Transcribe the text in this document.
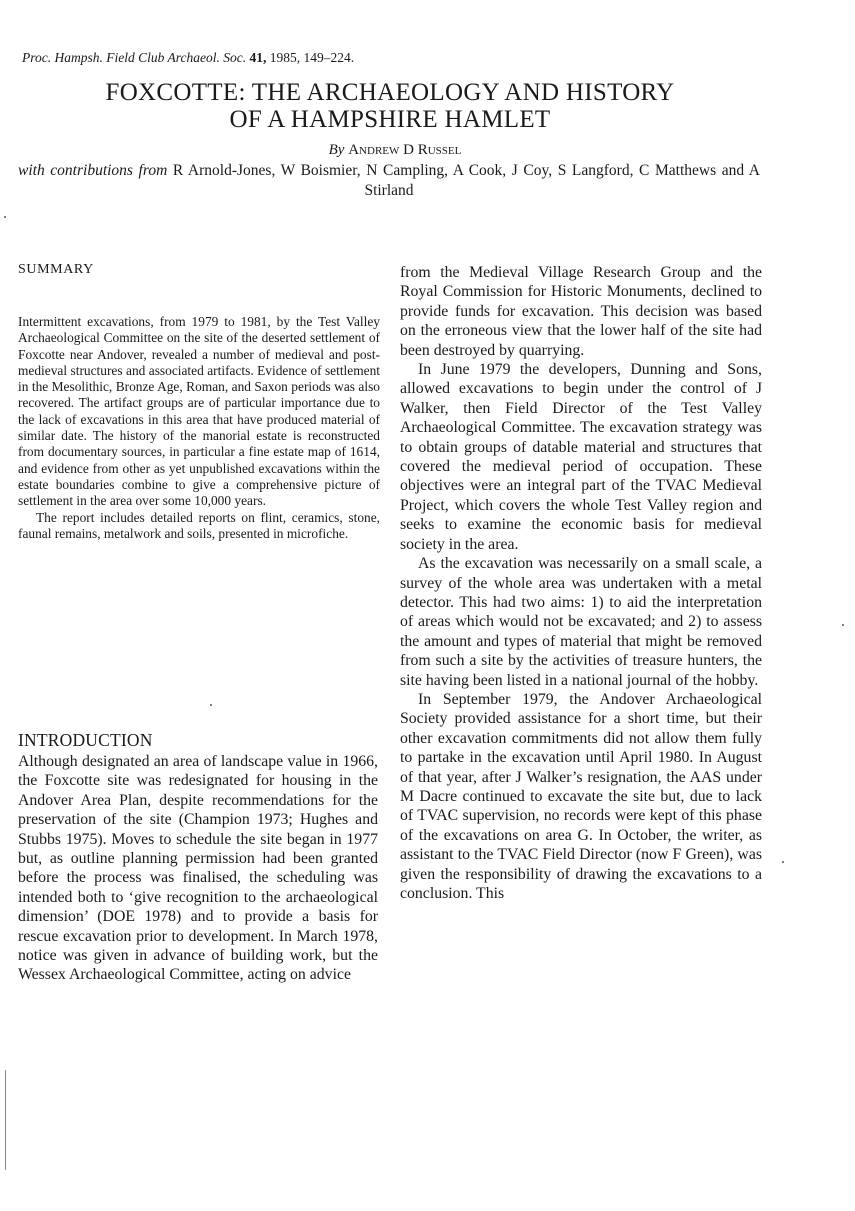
Proc. Hampsh. Field Club Archaeol. Soc. 41, 1985, 149–224.
FOXCOTTE: THE ARCHAEOLOGY AND HISTORY
OF A HAMPSHIRE HAMLET
By Andrew D Russel
with contributions from R Arnold-Jones, W Boismier, N Campling, A Cook, J Coy, S Langford, C Matthews and A Stirland
SUMMARY

Intermittent excavations, from 1979 to 1981, by the Test Valley Archaeological Committee on the site of the deserted settlement of Foxcotte near Andover, revealed a number of medieval and post-medieval structures and associated artifacts. Evidence of settlement in the Mesolithic, Bronze Age, Roman, and Saxon periods was also recovered. The artifact groups are of particular importance due to the lack of excavations in this area that have produced material of similar date. The history of the manorial estate is reconstructed from documentary sources, in particular a fine estate map of 1614, and evidence from other as yet unpublished excavations within the estate boundaries combine to give a comprehensive picture of settlement in the area over some 10,000 years.

The report includes detailed reports on flint, ceramics, stone, faunal remains, metalwork and soils, presented in microfiche.

INTRODUCTION
Although designated an area of landscape value in 1966, the Foxcotte site was redesignated for housing in the Andover Area Plan, despite recommendations for the preservation of the site (Champion 1973; Hughes and Stubbs 1975). Moves to schedule the site began in 1977 but, as outline planning permission had been granted before the process was finalised, the scheduling was intended both to ‘give recognition to the archaeological dimension’ (DOE 1978) and to provide a basis for rescue excavation prior to development. In March 1978, notice was given in advance of building work, but the Wessex Archaeological Committee, acting on advice

from the Medieval Village Research Group and the Royal Commission for Historic Monuments, declined to provide funds for excavation. This decision was based on the erroneous view that the lower half of the site had been destroyed by quarrying.

In June 1979 the developers, Dunning and Sons, allowed excavations to begin under the control of J Walker, then Field Director of the Test Valley Archaeological Committee. The excavation strategy was to obtain groups of datable material and structures that covered the medieval period of occupation. These objectives were an integral part of the TVAC Medieval Project, which covers the whole Test Valley region and seeks to examine the economic basis for medieval society in the area.

As the excavation was necessarily on a small scale, a survey of the whole area was undertaken with a metal detector. This had two aims: 1) to aid the interpretation of areas which would not be excavated; and 2) to assess the amount and types of material that might be removed from such a site by the activities of treasure hunters, the site having been listed in a national journal of the hobby.

In September 1979, the Andover Archaeological Society provided assistance for a short time, but their other excavation commitments did not allow them fully to partake in the excavation until April 1980. In August of that year, after J Walker’s resignation, the AAS under M Dacre continued to excavate the site but, due to lack of TVAC supervision, no records were kept of this phase of the excavations on area G. In October, the writer, as assistant to the TVAC Field Director (now F Green), was given the responsibility of drawing the excavations to a conclusion. This
